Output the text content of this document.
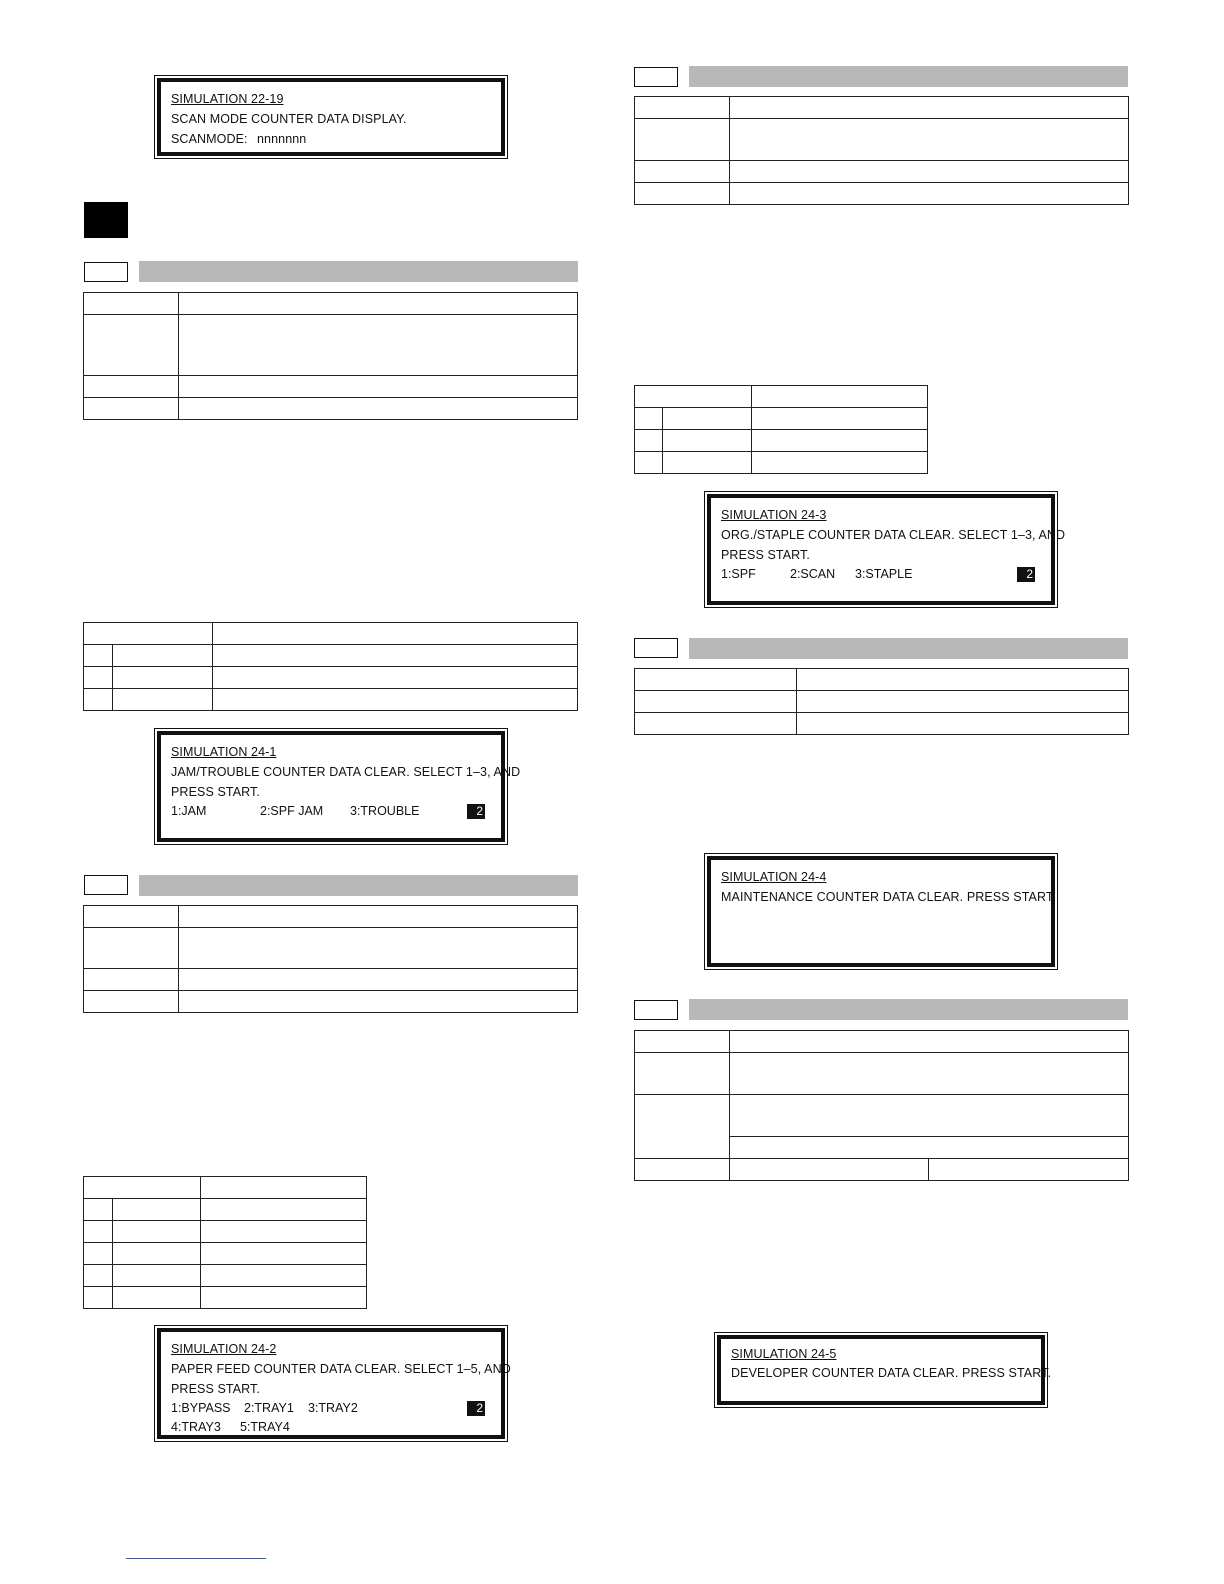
SIMULATION 22-19
SCAN MODE COUNTER DATA DISPLAY.
SCANMODE: nnnnnnn

SIMULATION 24-1
JAM/TROUBLE COUNTER DATA CLEAR. SELECT 1–3, AND
PRESS START.
1:JAM	2:SPF JAM 3:TROUBLE	2

SIMULATION 24-2
PAPER FEED COUNTER DATA CLEAR. SELECT 1–5, AND
PRESS START.
1:BYPASS 2:TRAY1 3:TRAY2	2
4:TRAY3 5:TRAY4

SIMULATION 24-3
ORG./STAPLE COUNTER DATA CLEAR. SELECT 1–3, AND
PRESS START.
1:SPF	2:SCAN 3:STAPLE	2

SIMULATION 24-4
MAINTENANCE COUNTER DATA CLEAR. PRESS START.

SIMULATION 24-5
DEVELOPER COUNTER DATA CLEAR. PRESS START.
